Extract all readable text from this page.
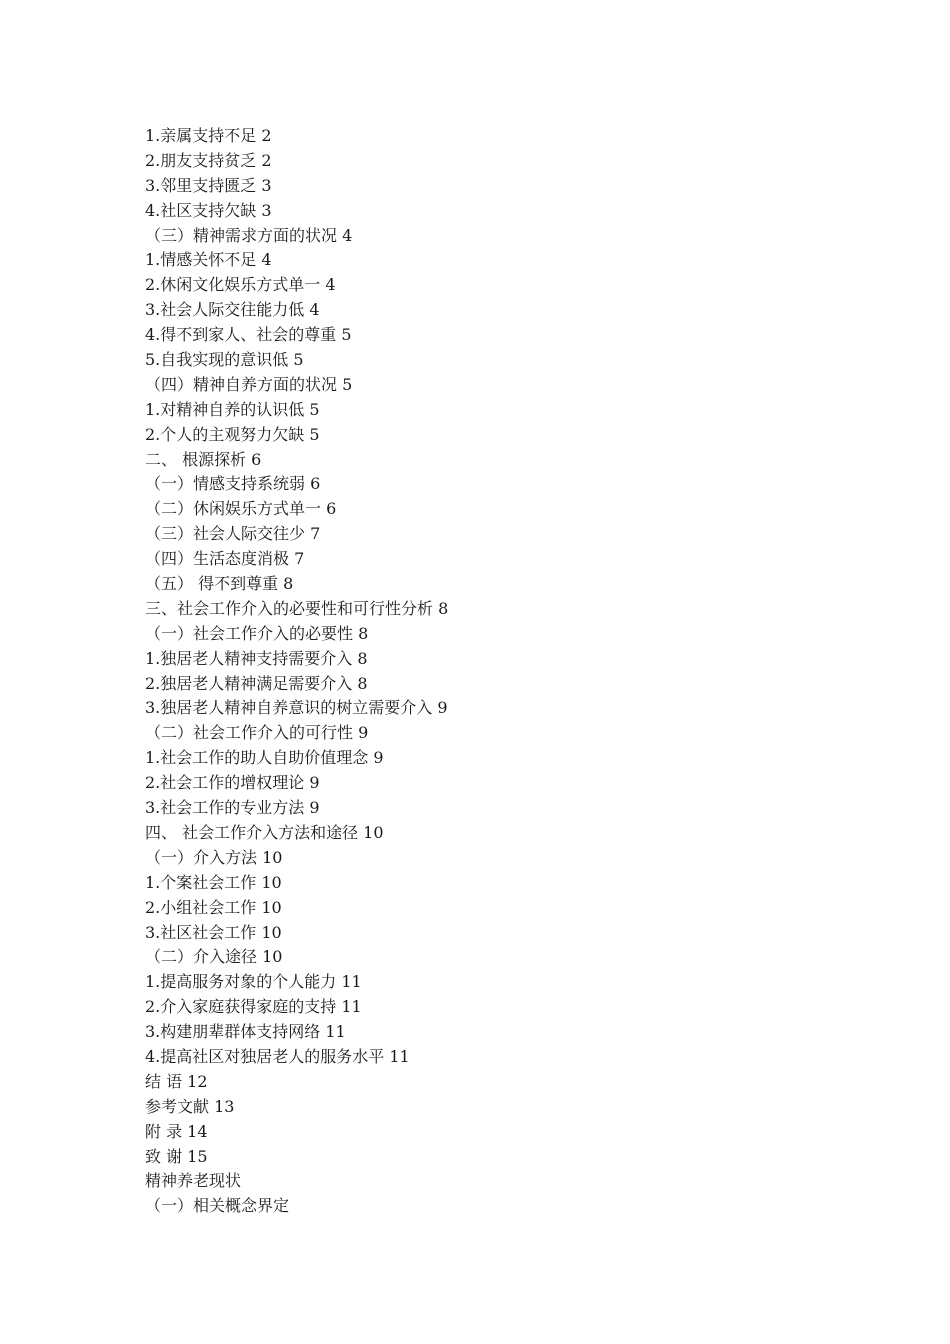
1.亲属支持不足 2
2.朋友支持贫乏 2
3.邻里支持匮乏 3
4.社区支持欠缺 3
（三）精神需求方面的状况 4
1.情感关怀不足 4
2.休闲文化娱乐方式单一 4
3.社会人际交往能力低 4
4.得不到家人、社会的尊重 5
5.自我实现的意识低 5
（四）精神自养方面的状况 5
1.对精神自养的认识低 5
2.个人的主观努力欠缺 5
二、 根源探析 6
（一）情感支持系统弱 6
（二）休闲娱乐方式单一 6
（三）社会人际交往少 7
（四）生活态度消极 7
（五） 得不到尊重 8
三、社会工作介入的必要性和可行性分析 8
（一）社会工作介入的必要性 8
1.独居老人精神支持需要介入 8
2.独居老人精神满足需要介入 8
3.独居老人精神自养意识的树立需要介入 9
（二）社会工作介入的可行性 9
1.社会工作的助人自助价值理念 9
2.社会工作的增权理论 9
3.社会工作的专业方法 9
四、 社会工作介入方法和途径 10
（一）介入方法 10
1.个案社会工作 10
2.小组社会工作 10
3.社区社会工作 10
（二）介入途径 10
1.提高服务对象的个人能力 11
2.介入家庭获得家庭的支持 11
3.构建朋辈群体支持网络 11
4.提高社区对独居老人的服务水平 11
结 语 12
参考文献 13
附 录 14
致 谢 15
精神养老现状
（一）相关概念界定
